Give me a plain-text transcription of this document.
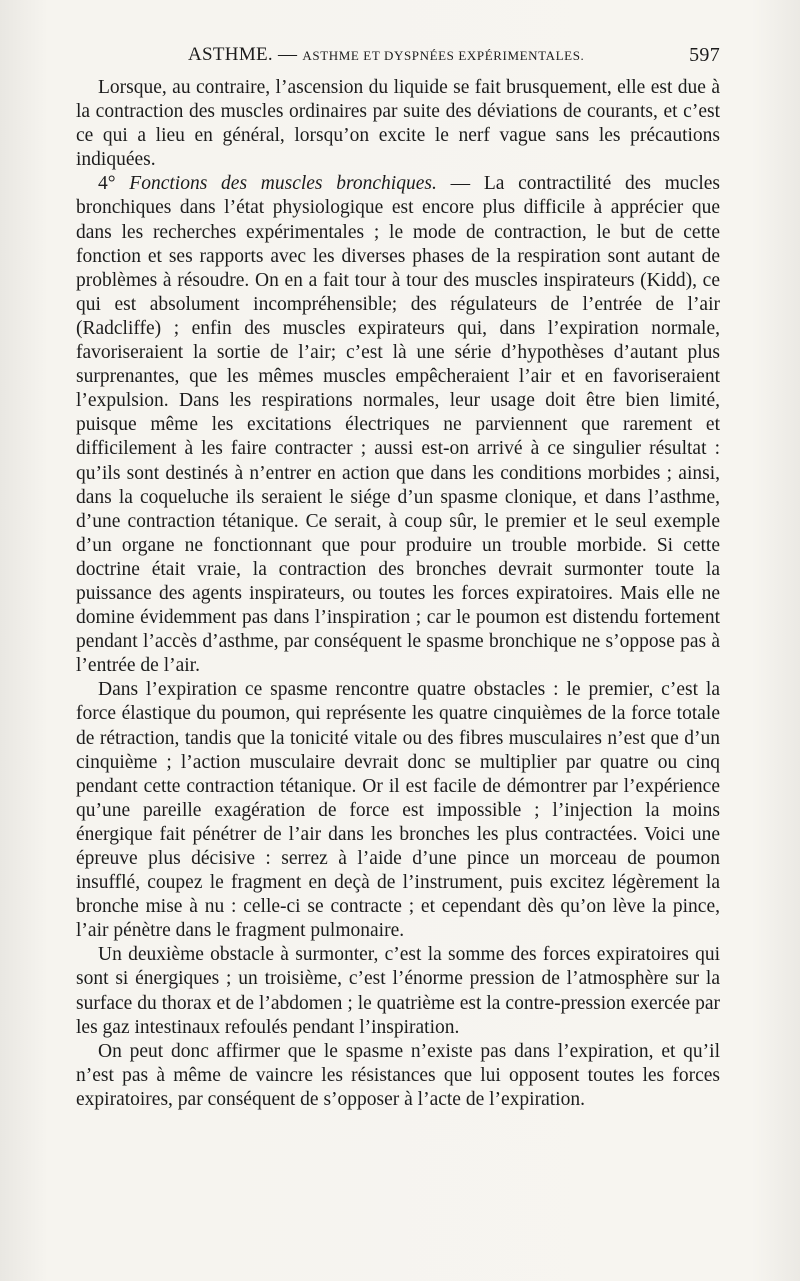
ASTHME. — ASTHME ET DYSPNÉES EXPÉRIMENTALES.	597

Lorsque, au contraire, l’ascension du liquide se fait brusquement, elle est due à la contraction des muscles ordinaires par suite des déviations de courants, et c’est ce qui a lieu en général, lorsqu’on excite le nerf vague sans les précautions indiquées.

4° Fonctions des muscles bronchiques. — La contractilité des mucles bronchiques dans l’état physiologique est encore plus difficile à apprécier que dans les recherches expérimentales ; le mode de contraction, le but de cette fonction et ses rapports avec les diverses phases de la respiration sont autant de problèmes à résoudre. On en a fait tour à tour des muscles inspirateurs (Kidd), ce qui est absolument incompréhensible; des régulateurs de l’entrée de l’air (Radcliffe) ; enfin des muscles expirateurs qui, dans l’expiration normale, favoriseraient la sortie de l’air; c’est là une série d’hypothèses d’autant plus surprenantes, que les mêmes muscles empêcheraient l’air et en favoriseraient l’expulsion. Dans les respirations normales, leur usage doit être bien limité, puisque même les excitations électriques ne parviennent que rarement et difficilement à les faire contracter ; aussi est-on arrivé à ce singulier résultat : qu’ils sont destinés à n’entrer en action que dans les conditions morbides ; ainsi, dans la coqueluche ils seraient le siége d’un spasme clonique, et dans l’asthme, d’une contraction tétanique. Ce serait, à coup sûr, le premier et le seul exemple d’un organe ne fonctionnant que pour produire un trouble morbide. Si cette doctrine était vraie, la contraction des bronches devrait surmonter toute la puissance des agents inspirateurs, ou toutes les forces expiratoires. Mais elle ne domine évidemment pas dans l’inspiration ; car le poumon est distendu fortement pendant l’accès d’asthme, par conséquent le spasme bronchique ne s’oppose pas à l’entrée de l’air.

Dans l’expiration ce spasme rencontre quatre obstacles : le premier, c’est la force élastique du poumon, qui représente les quatre cinquièmes de la force totale de rétraction, tandis que la tonicité vitale ou des fibres musculaires n’est que d’un cinquième ; l’action musculaire devrait donc se multiplier par quatre ou cinq pendant cette contraction tétanique. Or il est facile de démontrer par l’expérience qu’une pareille exagération de force est impossible ; l’injection la moins énergique fait pénétrer de l’air dans les bronches les plus contractées. Voici une épreuve plus décisive : serrez à l’aide d’une pince un morceau de poumon insufflé, coupez le fragment en deçà de l’instrument, puis excitez légèrement la bronche mise à nu : celle-ci se contracte ; et cependant dès qu’on lève la pince, l’air pénètre dans le fragment pulmonaire.

Un deuxième obstacle à surmonter, c’est la somme des forces expiratoires qui sont si énergiques ; un troisième, c’est l’énorme pression de l’atmosphère sur la surface du thorax et de l’abdomen ; le quatrième est la contre-pression exercée par les gaz intestinaux refoulés pendant l’inspiration.

On peut donc affirmer que le spasme n’existe pas dans l’expiration, et qu’il n’est pas à même de vaincre les résistances que lui opposent toutes les forces expiratoires, par conséquent de s’opposer à l’acte de l’expiration.
